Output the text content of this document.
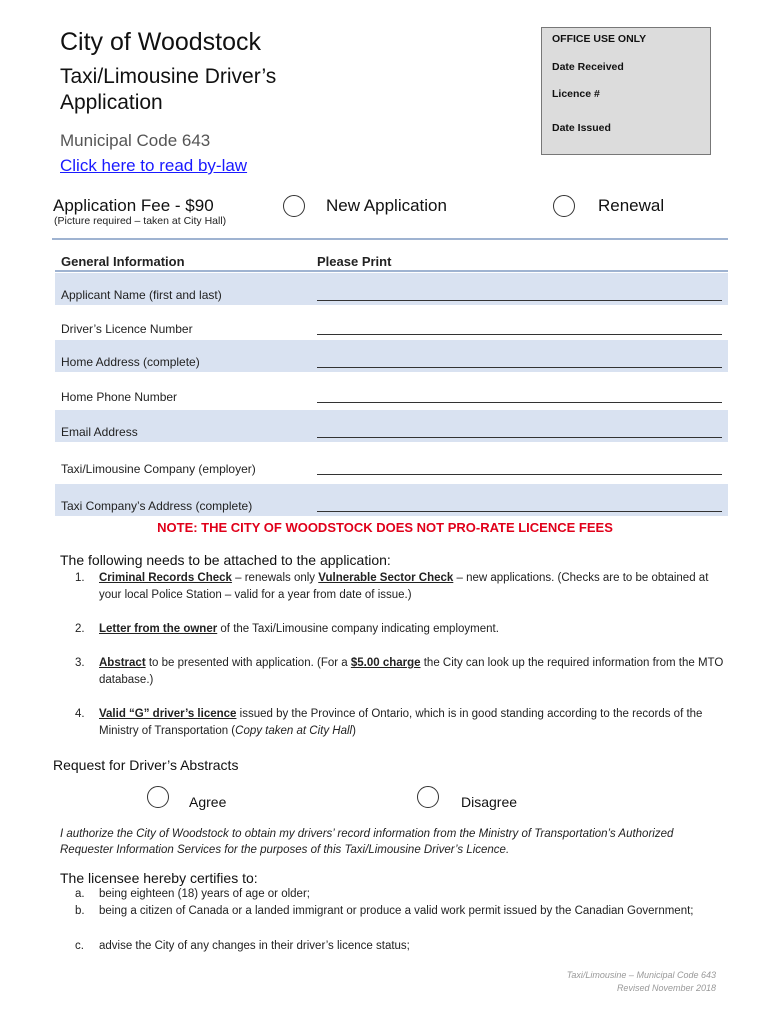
City of Woodstock
Taxi/Limousine Driver’s Application
Municipal Code 643
Click here to read by-law
OFFICE USE ONLY
Date Received
Licence #
Date Issued
Application Fee - $90
(Picture required – taken at City Hall)
New Application	Renewal
General Information	Please Print
Applicant Name (first and last)
Driver’s Licence Number
Home Address (complete)
Home Phone Number
Email Address
Taxi/Limousine Company (employer)
Taxi Company’s Address (complete)
NOTE: THE CITY OF WOODSTOCK DOES NOT PRO-RATE LICENCE FEES
The following needs to be attached to the application:
1. Criminal Records Check – renewals only Vulnerable Sector Check – new applications. (Checks are to be obtained at your local Police Station – valid for a year from date of issue.)
2. Letter from the owner of the Taxi/Limousine company indicating employment.
3. Abstract to be presented with application. (For a $5.00 charge the City can look up the required information from the MTO database.)
4. Valid “G” driver’s licence issued by the Province of Ontario, which is in good standing according to the records of the Ministry of Transportation (Copy taken at City Hall)
Request for Driver’s Abstracts
Agree	Disagree
I authorize the City of Woodstock to obtain my drivers’ record information from the Ministry of Transportation’s Authorized Requester Information Services for the purposes of this Taxi/Limousine Driver’s Licence.
The licensee hereby certifies to:
a. being eighteen (18) years of age or older;
b. being a citizen of Canada or a landed immigrant or produce a valid work permit issued by the Canadian Government;
c. advise the City of any changes in their driver’s licence status;
Taxi/Limousine – Municipal Code 643
Revised November 2018
